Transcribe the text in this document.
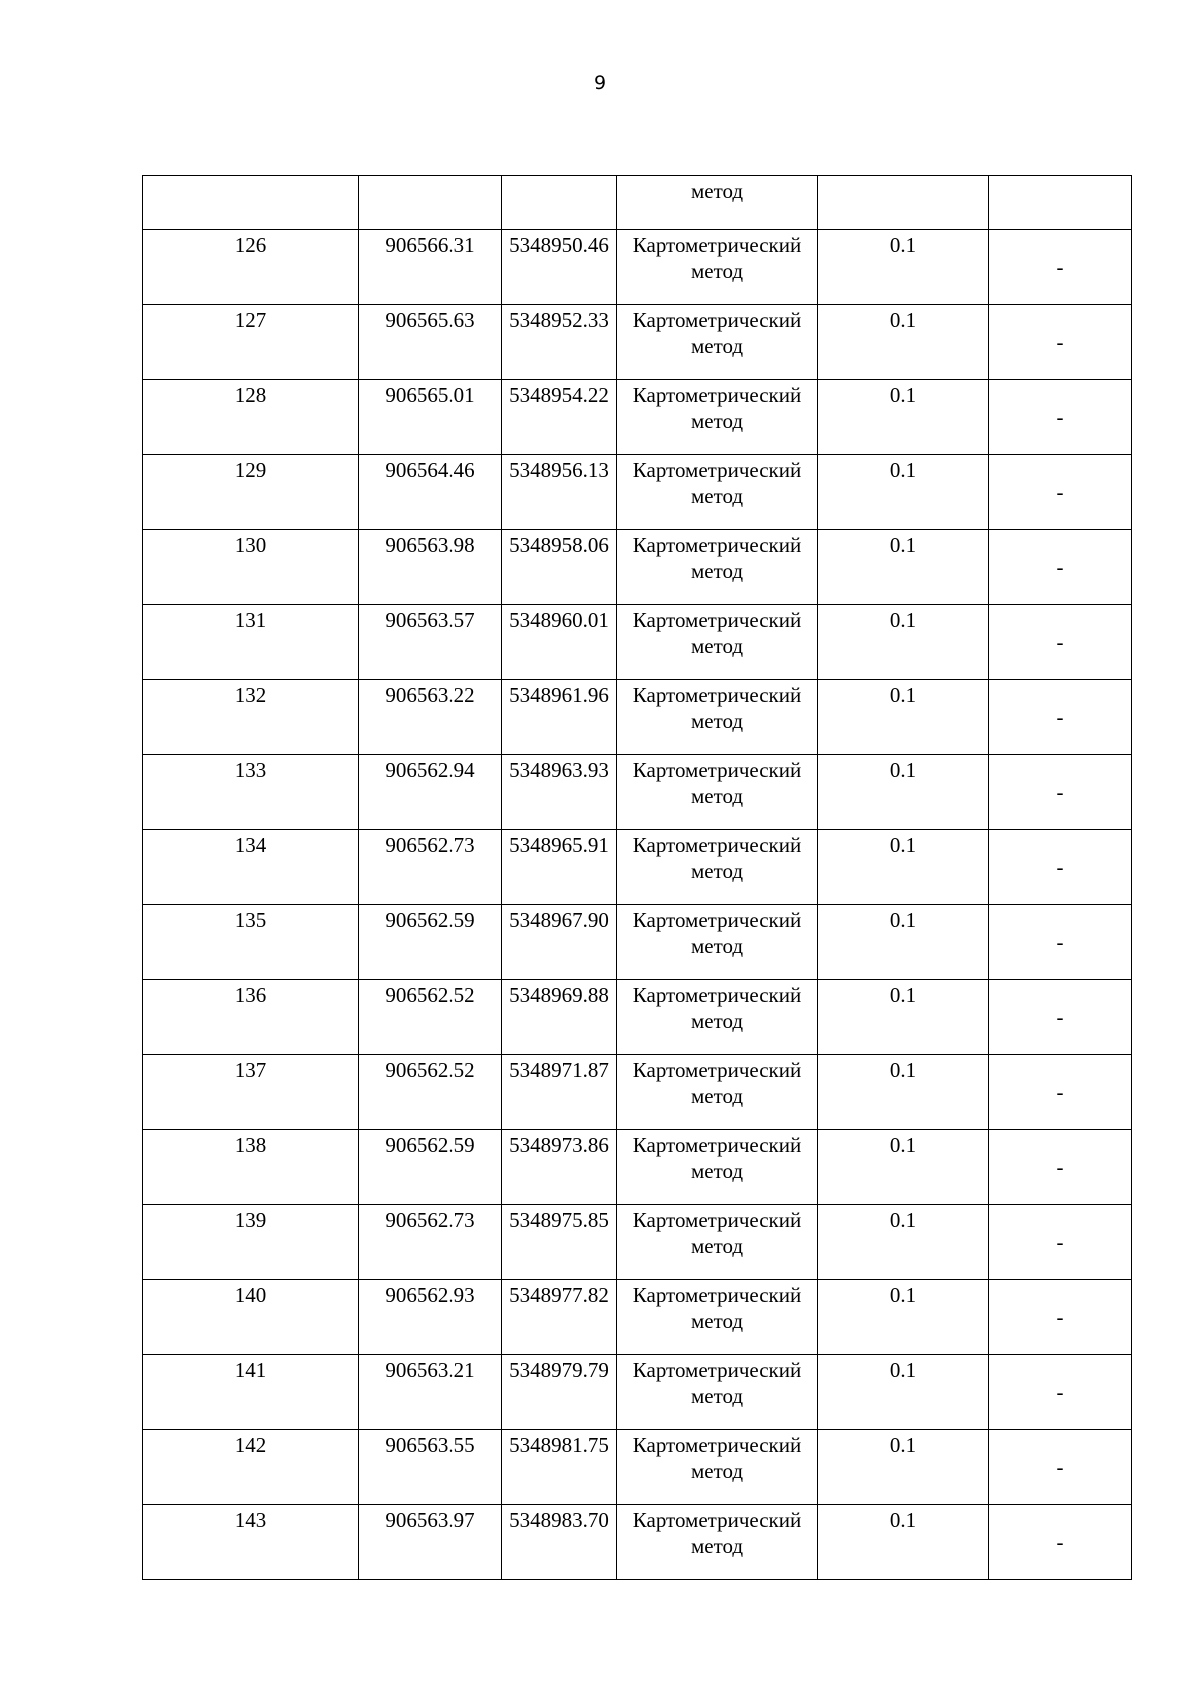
9
			метод		
126	906566.31	5348950.46	Картометрический
метод	0.1	-
127	906565.63	5348952.33	Картометрический
метод	0.1	-
128	906565.01	5348954.22	Картометрический
метод	0.1	-
129	906564.46	5348956.13	Картометрический
метод	0.1	-
130	906563.98	5348958.06	Картометрический
метод	0.1	-
131	906563.57	5348960.01	Картометрический
метод	0.1	-
132	906563.22	5348961.96	Картометрический
метод	0.1	-
133	906562.94	5348963.93	Картометрический
метод	0.1	-
134	906562.73	5348965.91	Картометрический
метод	0.1	-
135	906562.59	5348967.90	Картометрический
метод	0.1	-
136	906562.52	5348969.88	Картометрический
метод	0.1	-
137	906562.52	5348971.87	Картометрический
метод	0.1	-
138	906562.59	5348973.86	Картометрический
метод	0.1	-
139	906562.73	5348975.85	Картометрический
метод	0.1	-
140	906562.93	5348977.82	Картометрический
метод	0.1	-
141	906563.21	5348979.79	Картометрический
метод	0.1	-
142	906563.55	5348981.75	Картометрический
метод	0.1	-
143	906563.97	5348983.70	Картометрический
метод	0.1	-
